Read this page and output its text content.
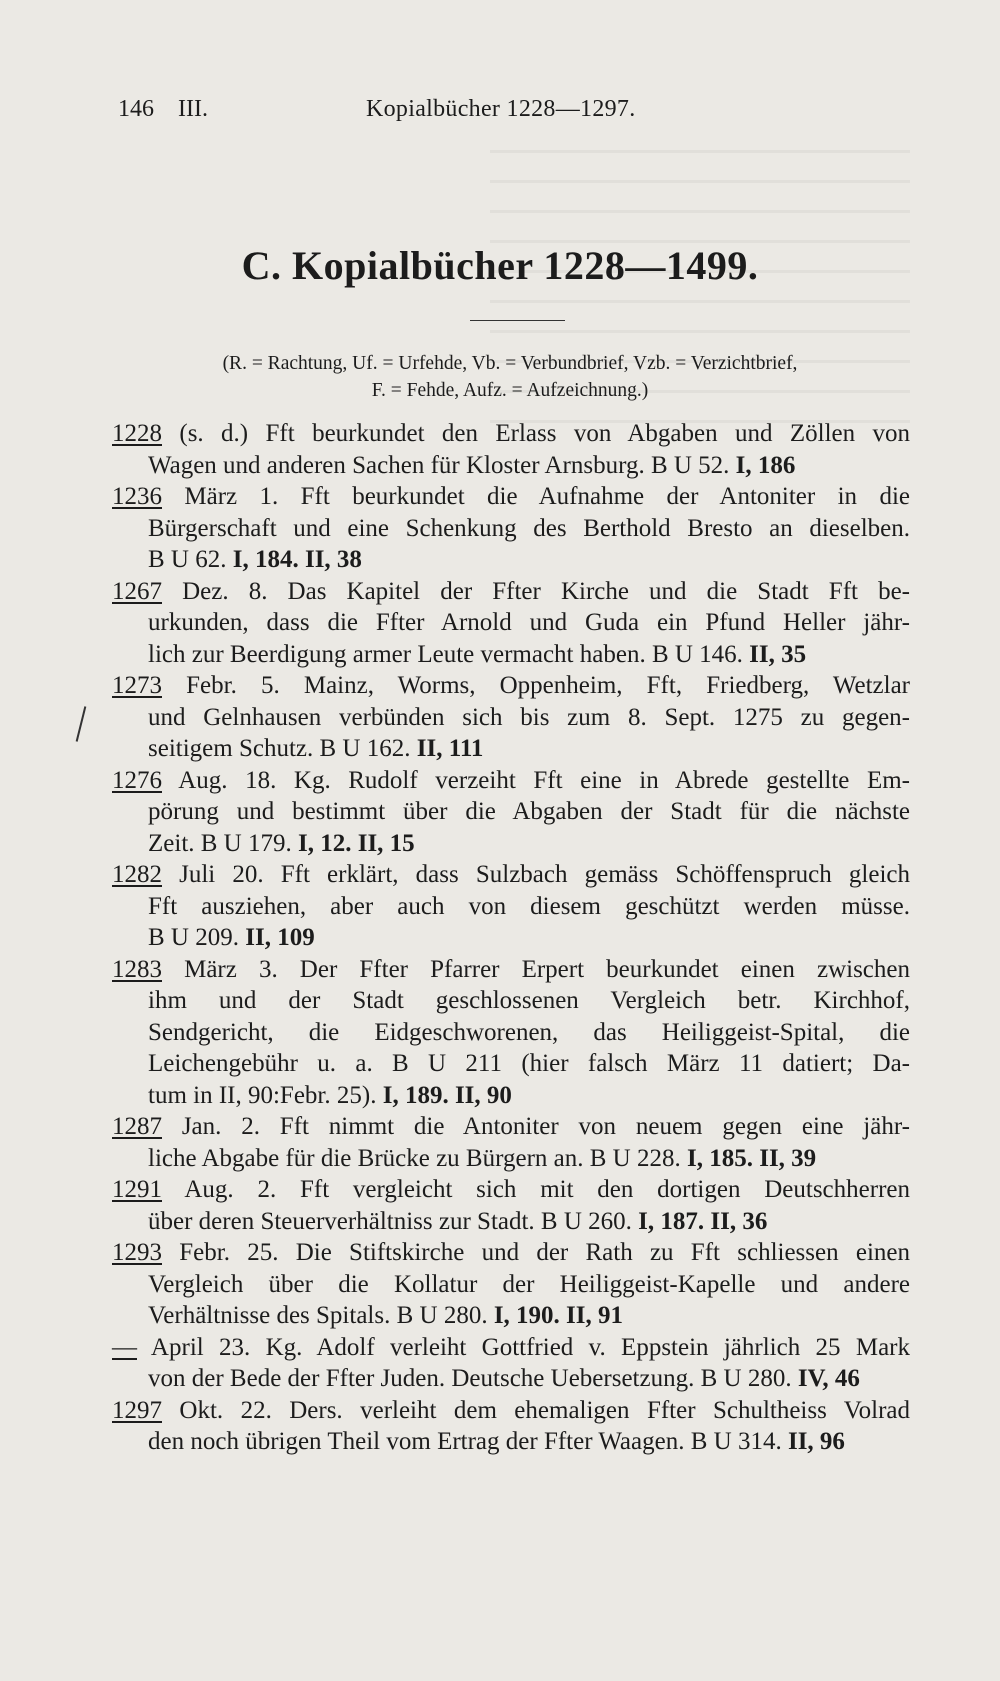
146 III.	Kopialbücher 1228—1297.
C. Kopialbücher 1228—1499.
(R. = Rachtung, Uf. = Urfehde, Vb. = Verbundbrief, Vzb. = Verzichtbrief,
F. = Fehde, Aufz. = Aufzeichnung.)
1228 (s. d.) Fft beurkundet den Erlass von Abgaben und Zöllen von
Wagen und anderen Sachen für Kloster Arnsburg. B U 52. I, 186
1236 März 1. Fft beurkundet die Aufnahme der Antoniter in die
Bürgerschaft und eine Schenkung des Berthold Bresto an dieselben.
B U 62. I, 184. II, 38
1267 Dez. 8. Das Kapitel der Ffter Kirche und die Stadt Fft be-
urkunden, dass die Ffter Arnold und Guda ein Pfund Heller jähr-
lich zur Beerdigung armer Leute vermacht haben. B U 146. II, 35
1273 Febr. 5. Mainz, Worms, Oppenheim, Fft, Friedberg, Wetzlar
und Gelnhausen verbünden sich bis zum 8. Sept. 1275 zu gegen-
seitigem Schutz. B U 162. II, 111
1276 Aug. 18. Kg. Rudolf verzeiht Fft eine in Abrede gestellte Em-
pörung und bestimmt über die Abgaben der Stadt für die nächste
Zeit. B U 179. I, 12. II, 15
1282 Juli 20. Fft erklärt, dass Sulzbach gemäss Schöffenspruch gleich
Fft ausziehen, aber auch von diesem geschützt werden müsse.
B U 209. II, 109
1283 März 3. Der Ffter Pfarrer Erpert beurkundet einen zwischen
ihm und der Stadt geschlossenen Vergleich betr. Kirchhof,
Sendgericht, die Eidgeschworenen, das Heiliggeist-Spital, die
Leichengebühr u. a. B U 211 (hier falsch März 11 datiert; Da-
tum in II, 90:Febr. 25). I, 189. II, 90
1287 Jan. 2. Fft nimmt die Antoniter von neuem gegen eine jähr-
liche Abgabe für die Brücke zu Bürgern an. B U 228. I, 185. II, 39
1291 Aug. 2. Fft vergleicht sich mit den dortigen Deutschherren
über deren Steuerverhältniss zur Stadt. B U 260. I, 187. II, 36
1293 Febr. 25. Die Stiftskirche und der Rath zu Fft schliessen einen
Vergleich über die Kollatur der Heiliggeist-Kapelle und andere
Verhältnisse des Spitals. B U 280. I, 190. II, 91
— April 23. Kg. Adolf verleiht Gottfried v. Eppstein jährlich 25 Mark
von der Bede der Ffter Juden. Deutsche Uebersetzung. B U 280. IV, 46
1297 Okt. 22. Ders. verleiht dem ehemaligen Ffter Schultheiss Volrad
den noch übrigen Theil vom Ertrag der Ffter Waagen. B U 314. II, 96
